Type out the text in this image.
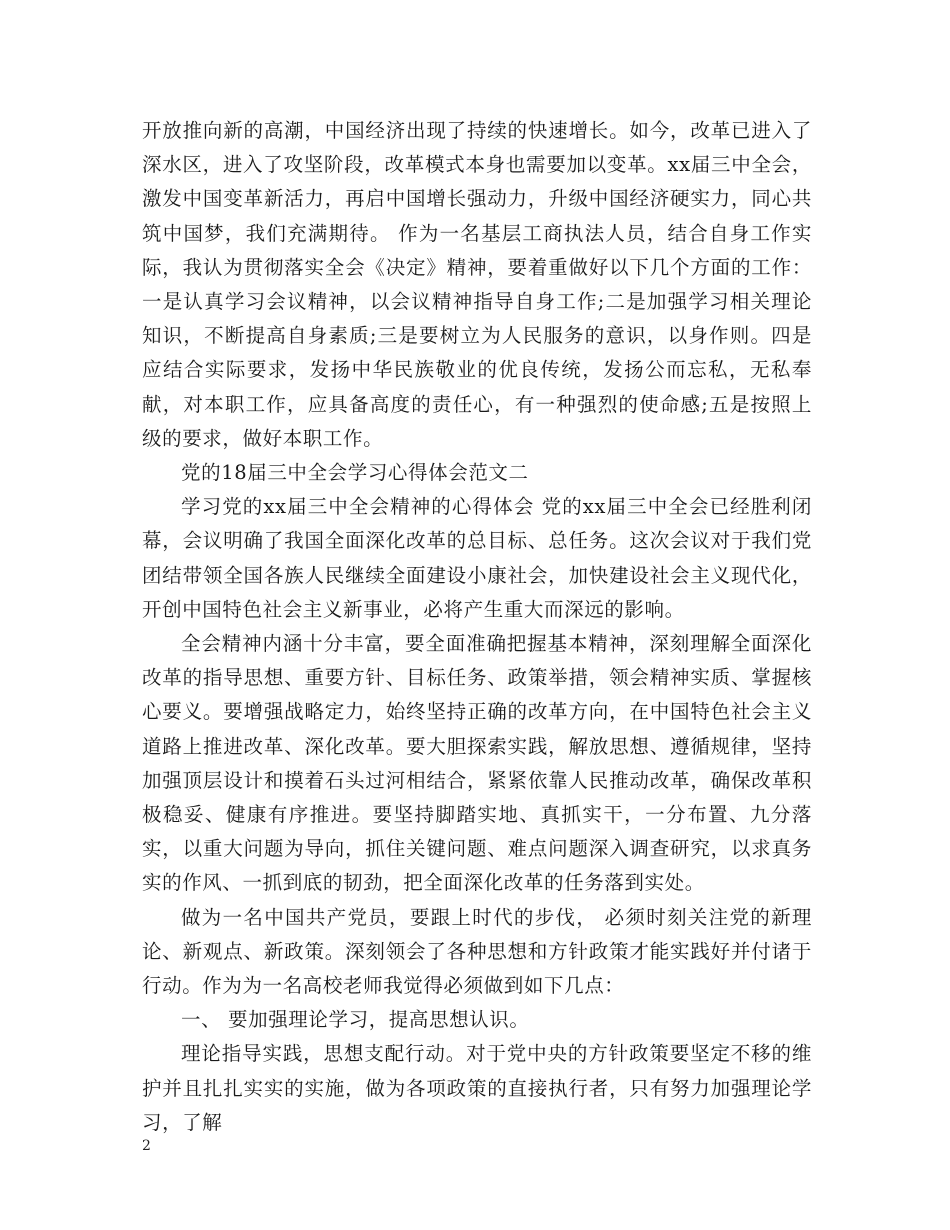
开放推向新的高潮，中国经济出现了持续的快速增长。如今，改革已进入了深水区，进入了攻坚阶段，改革模式本身也需要加以变革。xx届三中全会，激发中国变革新活力，再启中国增长强动力，升级中国经济硬实力，同心共筑中国梦，我们充满期待。 作为一名基层工商执法人员，结合自身工作实际，我认为贯彻落实全会《决定》精神，要着重做好以下几个方面的工作：一是认真学习会议精神，以会议精神指导自身工作;二是加强学习相关理论知识，不断提高自身素质;三是要树立为人民服务的意识，以身作则。四是应结合实际要求，发扬中华民族敬业的优良传统，发扬公而忘私，无私奉献，对本职工作，应具备高度的责任心，有一种强烈的使命感;五是按照上级的要求，做好本职工作。

党的18届三中全会学习心得体会范文二

学习党的xx届三中全会精神的心得体会 党的xx届三中全会已经胜利闭幕，会议明确了我国全面深化改革的总目标、总任务。这次会议对于我们党团结带领全国各族人民继续全面建设小康社会，加快建设社会主义现代化，开创中国特色社会主义新事业，必将产生重大而深远的影响。

全会精神内涵十分丰富，要全面准确把握基本精神，深刻理解全面深化改革的指导思想、重要方针、目标任务、政策举措，领会精神实质、掌握核心要义。要增强战略定力，始终坚持正确的改革方向，在中国特色社会主义道路上推进改革、深化改革。要大胆探索实践，解放思想、遵循规律，坚持加强顶层设计和摸着石头过河相结合，紧紧依靠人民推动改革，确保改革积极稳妥、健康有序推进。要坚持脚踏实地、真抓实干，一分布置、九分落实，以重大问题为导向，抓住关键问题、难点问题深入调查研究，以求真务实的作风、一抓到底的韧劲，把全面深化改革的任务落到实处。

做为一名中国共产党员，要跟上时代的步伐， 必须时刻关注党的新理论、新观点、新政策。深刻领会了各种思想和方针政策才能实践好并付诸于行动。作为为一名高校老师我觉得必须做到如下几点：

一、 要加强理论学习，提高思想认识。

理论指导实践，思想支配行动。对于党中央的方针政策要坚定不移的维护并且扎扎实实的实施，做为各项政策的直接执行者，只有努力加强理论学习，了解

2
